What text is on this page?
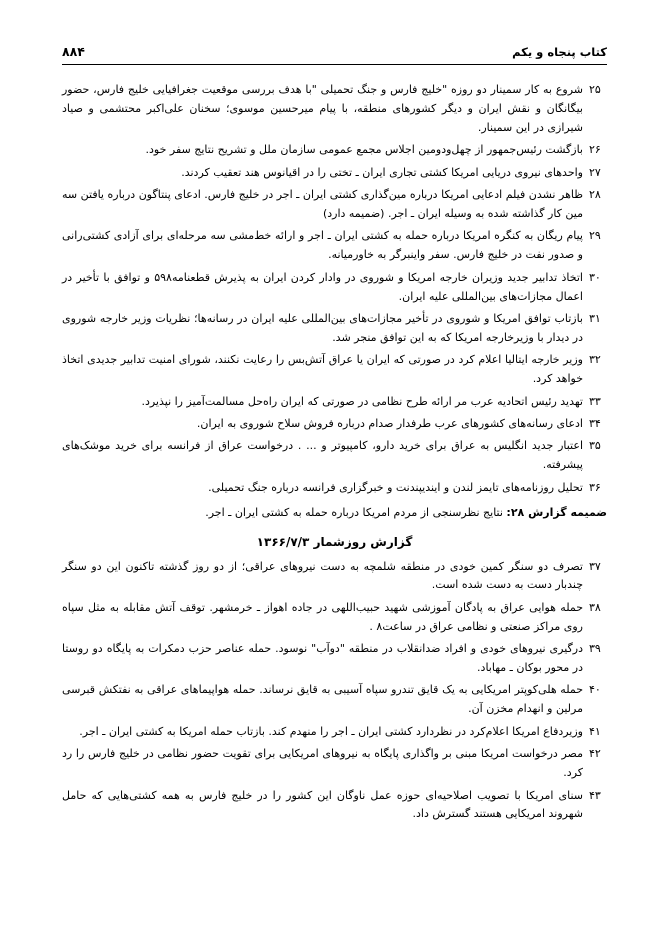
کتاب پنجاه و یکم
۸۸۴
۲۵
شروع به کار سمینار دو روزه "خلیج فارس و جنگ تحمیلی "با هدف بررسی موقعیت جغرافیایی خلیج فارس، حضور بیگانگان و نقش ایران و دیگر کشورهای منطقه، با پیام میرحسین موسوی؛ سخنان علی‌اکبر محتشمی و صیاد شیرازی در این سمینار.
۲۶
بازگشت رئیس‌جمهور از چهل‌ودومین اجلاس مجمع عمومی سازمان ملل و تشریح نتایج سفر خود.
۲۷
واحدهای نیروی دریایی امریکا کشتی تجاری ایران ـ تختی را در اقیانوس هند تعقیب کردند.
۲۸
ظاهر نشدن فیلم ادعایی امریکا درباره مین‌گذاری کشتی ایران ـ اجر در خلیج فارس. ادعای پنتاگون درباره یافتن سه مین کار گذاشته شده به وسیله ایران ـ اجر. (ضمیمه دارد)
۲۹
پیام ریگان به کنگره امریکا درباره حمله به کشتی ایران ـ اجر و ارائه خط‌مشی سه مرحله‌ای برای آزادی کشتی‌رانی و صدور نفت در خلیج فارس. سفر واینبرگر به خاورمیانه.
۳۰
اتخاذ تدابیر جدید وزیران خارجه امریکا و شوروی در وادار کردن ایران به پذیرش قطعنامه۵۹۸ و توافق با تأخیر در اعمال مجازات‌های بین‌المللی علیه ایران.
۳۱
بازتاب توافق امریکا و شوروی در تأخیر مجازات‌های بین‌المللی علیه ایران در رسانه‌ها؛ نظریات وزیر خارجه شوروی در دیدار با وزیرخارجه امریکا که به این توافق منجر شد.
۳۲
وزیر خارجه ایتالیا اعلام کرد در صورتی که ایران یا عراق آتش‌بس را رعایت نکنند، شورای امنیت تدابیر جدیدی اتخاذ خواهد کرد.
۳۳
تهدید رئیس اتحادیه عرب مر ارائه طرح نظامی در صورتی که ایران راه‌حل مسالمت‌آمیز را نپذیرد.
۳۴
ادعای رسانه‌های کشورهای عرب طرفدار صدام درباره فروش سلاح شوروی به ایران.
۳۵
اعتبار جدید انگلیس به عراق برای خرید دارو، کامپیوتر و ... . درخواست عراق از فرانسه برای خرید موشک‌های پیشرفته.
۳۶
تحلیل روزنامه‌های تایمز لندن و ایندیپندنت و خبرگزاری فرانسه درباره جنگ تحمیلی.
ضمیمه گزارش ۲۸: نتایج نظرسنجی از مردم امریکا درباره حمله به کشتی ایران ـ اجر.
گزارش روزشمار ۱۳۶۶/۷/۳
۳۷
تصرف دو سنگر کمین خودی در منطقه شلمچه به دست نیروهای عراقی؛ از دو روز گذشته تاکنون این دو سنگر چندبار دست به دست شده است.
۳۸
حمله هوایی عراق به پادگان آموزشی شهید حبیب‌اللهی در جاده اهواز ـ خرمشهر. توقف آتش مقابله به مثل سپاه روی مراکز صنعتی و نظامی عراق در ساعت۸ .
۳۹
درگیری نیروهای خودی و افراد ضدانقلاب در منطقه "دوآب" نوسود. حمله عناصر حزب دمکرات به پایگاه دو روستا در محور بوکان ـ مهاباد.
۴۰
حمله هلی‌کوپتر امریکایی به یک قایق تندرو سپاه آسیبی به قایق نرساند. حمله هواپیماهای عراقی به نفتکش قبرسی مرلین و انهدام مخزن آن.
۴۱
وزیردفاع امریکا اعلام‌کرد در نظردارد کشتی ایران ـ اجر را منهدم کند. بازتاب حمله امریکا به کشتی ایران ـ اجر.
۴۲
مصر درخواست امریکا مبنی بر واگذاری پایگاه به نیروهای امریکایی برای تقویت حضور نظامی در خلیج فارس را رد کرد.
۴۳
سنای امریکا با تصویب اصلاحیه‌ای حوزه عمل ناوگان این کشور را در خلیج فارس به همه کشتی‌هایی که حامل شهروند امریکایی هستند گسترش داد.
